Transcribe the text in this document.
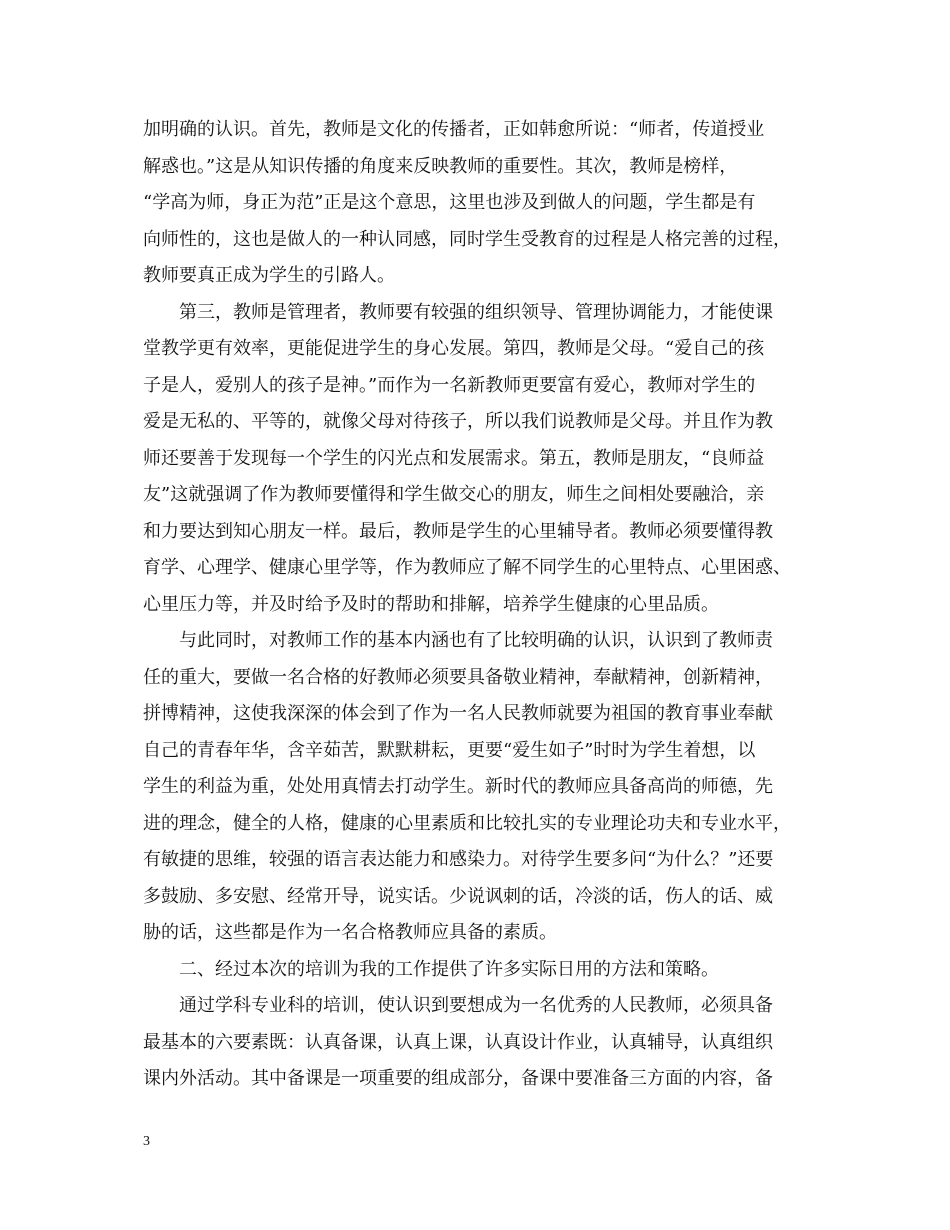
加明确的认识。首先，教师是文化的传播者，正如韩愈所说：“师者，传道授业
解惑也。”这是从知识传播的角度来反映教师的重要性。其次，教师是榜样，
“学高为师，身正为范”正是这个意思，这里也涉及到做人的问题，学生都是有
向师性的，这也是做人的一种认同感，同时学生受教育的过程是人格完善的过程，
教师要真正成为学生的引路人。
　　第三，教师是管理者，教师要有较强的组织领导、管理协调能力，才能使课
堂教学更有效率，更能促进学生的身心发展。第四，教师是父母。“爱自己的孩
子是人，爱别人的孩子是神。”而作为一名新教师更要富有爱心，教师对学生的
爱是无私的、平等的，就像父母对待孩子，所以我们说教师是父母。并且作为教
师还要善于发现每一个学生的闪光点和发展需求。第五，教师是朋友，“良师益
友”这就强调了作为教师要懂得和学生做交心的朋友，师生之间相处要融洽，亲
和力要达到知心朋友一样。最后，教师是学生的心里辅导者。教师必须要懂得教
育学、心理学、健康心里学等，作为教师应了解不同学生的心里特点、心里困惑、
心里压力等，并及时给予及时的帮助和排解，培养学生健康的心里品质。
　　与此同时，对教师工作的基本内涵也有了比较明确的认识，认识到了教师责
任的重大，要做一名合格的好教师必须要具备敬业精神，奉献精神，创新精神，
拼博精神，这使我深深的体会到了作为一名人民教师就要为祖国的教育事业奉献
自己的青春年华，含辛茹苦，默默耕耘，更要“爱生如子”时时为学生着想，以
学生的利益为重，处处用真情去打动学生。新时代的教师应具备高尚的师德，先
进的理念，健全的人格，健康的心里素质和比较扎实的专业理论功夫和专业水平，
有敏捷的思维，较强的语言表达能力和感染力。对待学生要多问“为什么？”还要
多鼓励、多安慰、经常开导，说实话。少说讽刺的话，冷淡的话，伤人的话、威
胁的话，这些都是作为一名合格教师应具备的素质。
　　二、经过本次的培训为我的工作提供了许多实际日用的方法和策略。
　　通过学科专业科的培训，使认识到要想成为一名优秀的人民教师，必须具备
最基本的六要素既：认真备课，认真上课，认真设计作业，认真辅导，认真组织
课内外活动。其中备课是一项重要的组成部分，备课中要准备三方面的内容，备
3
